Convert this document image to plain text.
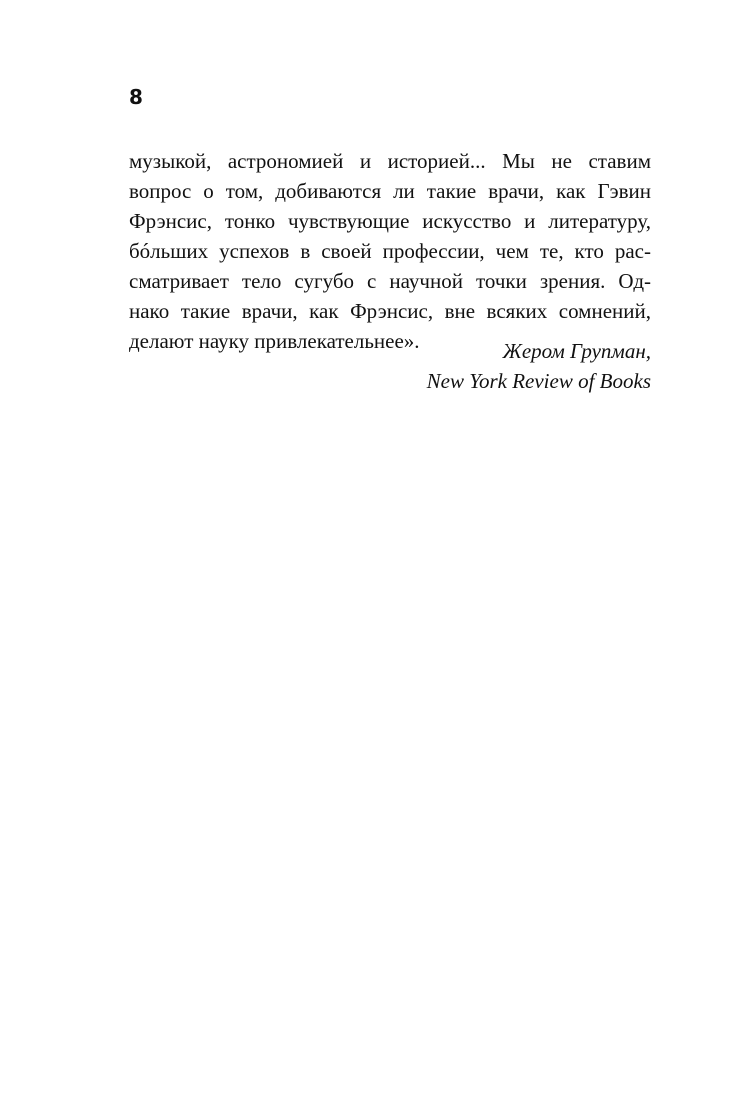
8

музыкой, астрономией и историей... Мы не ставим
вопрос о том, добиваются ли такие врачи, как Гэвин
Фрэнсис, тонко чувствующие искусство и литературу,
бóльших успехов в своей профессии, чем те, кто рас-
сматривает тело сугубо с научной точки зрения. Од-
нако такие врачи, как Фрэнсис, вне всяких сомнений,
делают науку привлекательнее».	Жером Групман,
New York Review of Books
